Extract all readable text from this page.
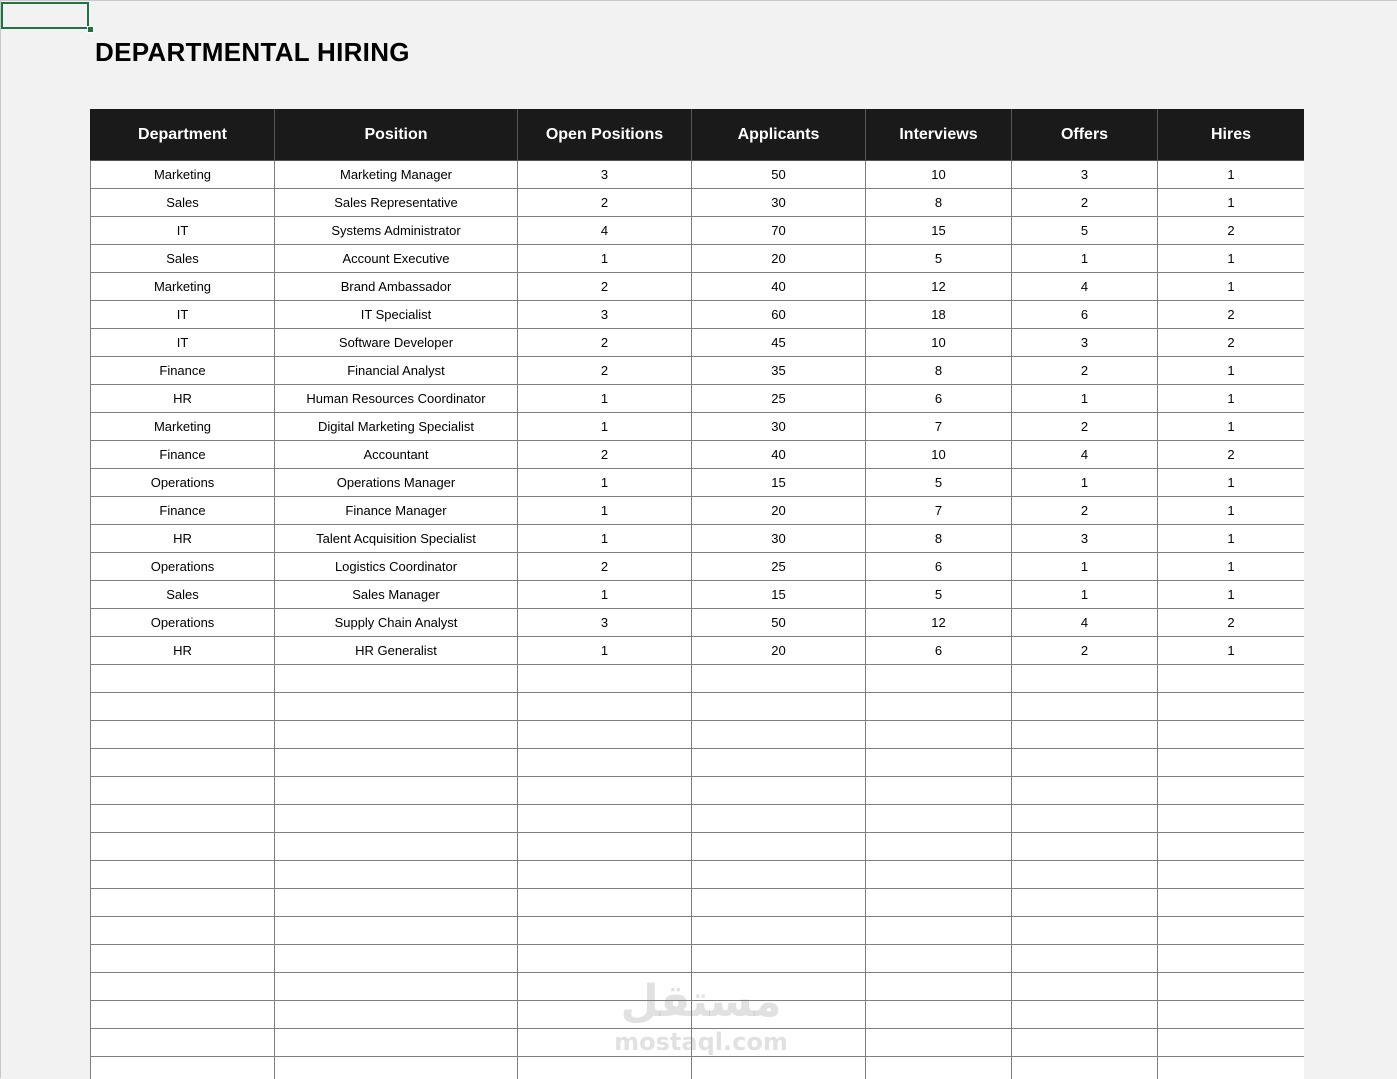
DEPARTMENTAL HIRING
Department	Position	Open Positions	Applicants	Interviews	Offers	Hires
Marketing	Marketing Manager	3	50	10	3	1
Sales	Sales Representative	2	30	8	2	1
IT	Systems Administrator	4	70	15	5	2
Sales	Account Executive	1	20	5	1	1
Marketing	Brand Ambassador	2	40	12	4	1
IT	IT Specialist	3	60	18	6	2
IT	Software Developer	2	45	10	3	2
Finance	Financial Analyst	2	35	8	2	1
HR	Human Resources Coordinator	1	25	6	1	1
Marketing	Digital Marketing Specialist	1	30	7	2	1
Finance	Accountant	2	40	10	4	2
Operations	Operations Manager	1	15	5	1	1
Finance	Finance Manager	1	20	7	2	1
HR	Talent Acquisition Specialist	1	30	8	3	1
Operations	Logistics Coordinator	2	25	6	1	1
Sales	Sales Manager	1	15	5	1	1
Operations	Supply Chain Analyst	3	50	12	4	2
HR	HR Generalist	1	20	6	2	1

مستقل
mostaql.com
